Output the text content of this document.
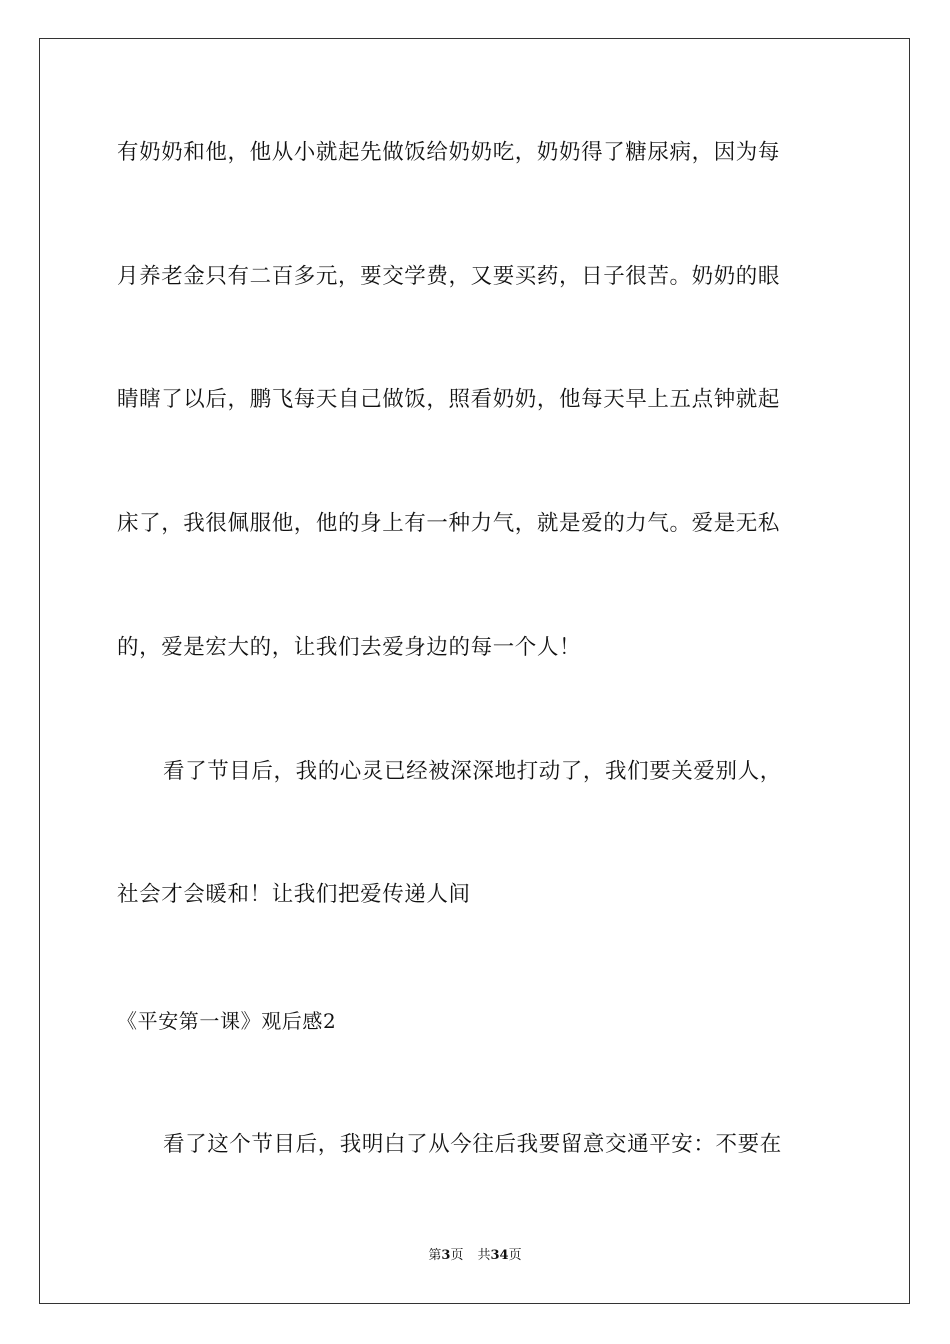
有奶奶和他，他从小就起先做饭给奶奶吃，奶奶得了糖尿病，因为每
月养老金只有二百多元，要交学费，又要买药，日子很苦。奶奶的眼
睛瞎了以后，鹏飞每天自己做饭，照看奶奶，他每天早上五点钟就起
床了，我很佩服他，他的身上有一种力气，就是爱的力气。爱是无私
的，爱是宏大的，让我们去爱身边的每一个人！
看了节目后，我的心灵已经被深深地打动了，我们要关爱别人，
社会才会暖和！让我们把爱传递人间
《平安第一课》观后感2
看了这个节目后，我明白了从今往后我要留意交通平安：不要在
第3页 共34页
